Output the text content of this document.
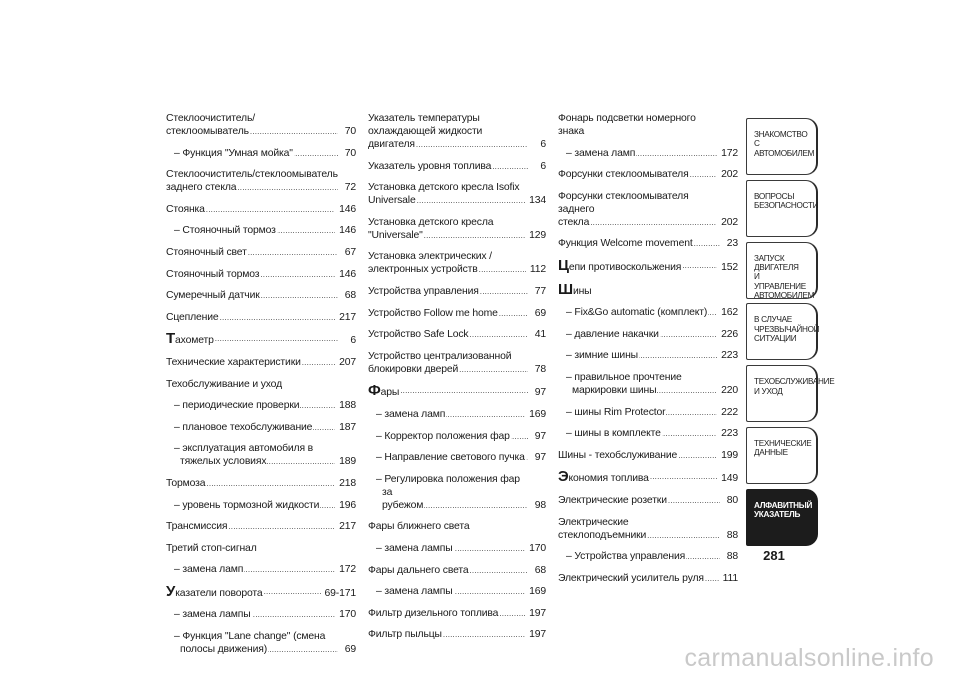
Стеклоочиститель/стеклоомыватель .....	70
– Функция "Умная мойка" .....	70
Стеклоочиститель/стеклоомыватель
заднего стекла .....	72
Стоянка .....	146
– Стояночный тормоз .....	146
Стояночный свет .....	67
Стояночный тормоз .....	146
Сумеречный датчик .....	68
Сцепление .....	217
Тахометр .....	6
Технические характеристики .....	207
Техобслуживание и уход
– периодические проверки .....	188
– плановое техобслуживание .....	187
– эксплуатация автомобиля в
тяжелых условиях .....	189
Тормоза .....	218
– уровень тормозной жидкости .....	196
Трансмиссия .....	217
Третий стоп-сигнал
– замена ламп .....	172
Указатели поворота .....	69-171
– замена лампы .....	170
– Функция "Lane change" (смена
полосы движения) .....	69
Указатель температуры
охлаждающей жидкости двигателя .....	6
Указатель уровня топлива .....	6
Установка детского кресла Isofix
Universale .....	134
Установка детского кресла
"Universale" .....	129
Установка электрических /
электронных устройств .....	112
Устройства управления .....	77
Устройство Follow me home .....	69
Устройство Safe Lock .....	41
Устройство централизованной
блокировки дверей .....	78
Фары .....	97
– замена ламп .....	169
– Корректор положения фар .....	97
– Направление светового пучка ..... 97
– Регулировка положения фар за
рубежом .....	98
Фары ближнего света
– замена лампы .....	170
Фары дальнего света .....	68
– замена лампы .....	169
Фильтр дизельного топлива .....	197
Фильтр пыльцы .....	197
Фонарь подсветки номерного знака
– замена ламп .....	172
Форсунки стеклоомывателя .....	202
Форсунки стеклоомывателя заднего
стекла .....	202
Функция Welcome movement .....	23
Цепи противоскольжения .....	152
Шины
– Fix&Go automatic (комплект) .....	162
– давление накачки .....	226
– зимние шины .....	223
– правильное прочтение
маркировки шины .....	220
– шины Rim Protector .....	222
– шины в комплекте .....	223
Шины - техобслуживание .....	199
Экономия топлива .....	149
Электрические розетки .....	80
Электрические стеклоподъемники .....	88
– Устройства управления .....	88
Электрический усилитель руля .....	111
ЗНАКОМСТВО С
АВТОМОБИЛЕМ
ВОПРОСЫ
БЕЗОПАСНОСТИ
ЗАПУСК ДВИГАТЕЛЯ
И УПРАВЛЕНИЕ
АВТОМОБИЛЕМ
В СЛУЧАЕ
ЧРЕЗВЫЧАЙНОЙ
СИТУАЦИИ
ТЕХОБСЛУЖИВАНИЕ
И УХОД
ТЕХНИЧЕСКИЕ
ДАННЫЕ
АЛФАВИТНЫЙ
УКАЗАТЕЛЬ
281
carmanualsonline.info
